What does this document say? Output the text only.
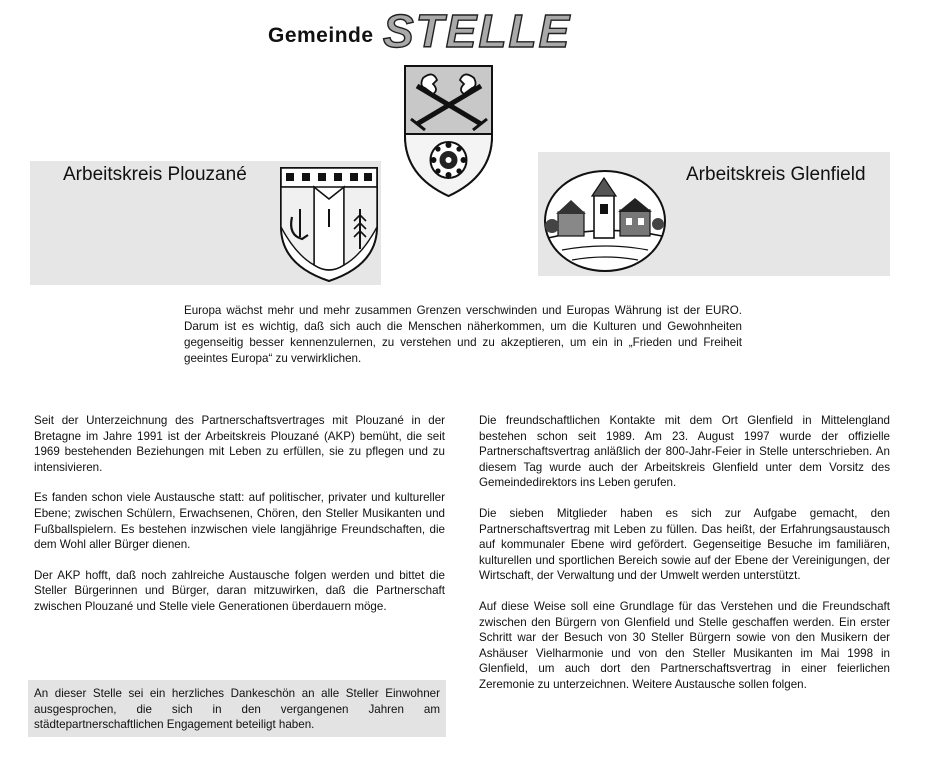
Gemeinde STELLE
Arbeitskreis Plouzané	Arbeitskreis Glenfield
Europa wächst mehr und mehr zusammen Grenzen verschwinden und Europas Währung ist der EURO. Darum ist es wichtig, daß sich auch die Menschen näherkommen, um die Kulturen und Gewohnheiten gegenseitig besser kennenzulernen, zu verstehen und zu akzeptieren, um ein in „Frieden und Freiheit geeintes Europa“ zu verwirklichen.

Seit der Unterzeichnung des Partnerschaftsvertrages mit Plouzané in der Bretagne im Jahre 1991 ist der Arbeitskreis Plouzané (AKP) bemüht, die seit 1969 bestehenden Beziehungen mit Leben zu erfüllen, sie zu pflegen und zu intensivieren.

Es fanden schon viele Austausche statt: auf politischer, privater und kultureller Ebene; zwischen Schülern, Erwachsenen, Chören, den Steller Musikanten und Fußballspielern. Es bestehen inzwischen viele langjährige Freundschaften, die dem Wohl aller Bürger dienen.

Der AKP hofft, daß noch zahlreiche Austausche folgen werden und bittet die Steller Bürgerinnen und Bürger, daran mitzuwirken, daß die Partnerschaft zwischen Plouzané und Stelle viele Generationen überdauern möge.

An dieser Stelle sei ein herzliches Dankeschön an alle Steller Einwohner ausgesprochen, die sich in den vergangenen Jahren am städtepartnerschaftlichen Engagement beteiligt haben.

Die freundschaftlichen Kontakte mit dem Ort Glenfield in Mittelengland bestehen schon seit 1989. Am 23. August 1997 wurde der offizielle Partnerschaftsvertrag anläßlich der 800-Jahr-Feier in Stelle unterschrieben. An diesem Tag wurde auch der Arbeitskreis Glenfield unter dem Vorsitz des Gemeindedirektors ins Leben gerufen.

Die sieben Mitglieder haben es sich zur Aufgabe gemacht, den Partnerschaftsvertrag mit Leben zu füllen. Das heißt, der Erfahrungsaustausch auf kommunaler Ebene wird gefördert. Gegenseitige Besuche im familiären, kulturellen und sportlichen Bereich sowie auf der Ebene der Vereinigungen, der Wirtschaft, der Verwaltung und der Umwelt werden unterstützt.

Auf diese Weise soll eine Grundlage für das Verstehen und die Freundschaft zwischen den Bürgern von Glenfield und Stelle geschaffen werden. Ein erster Schritt war der Besuch von 30 Steller Bürgern sowie von den Musikern der Ashäuser Vielharmonie und von den Steller Musikanten im Mai 1998 in Glenfield, um auch dort den Partnerschaftsvertrag in einer feierlichen Zeremonie zu unterzeichnen. Weitere Austausche sollen folgen.
